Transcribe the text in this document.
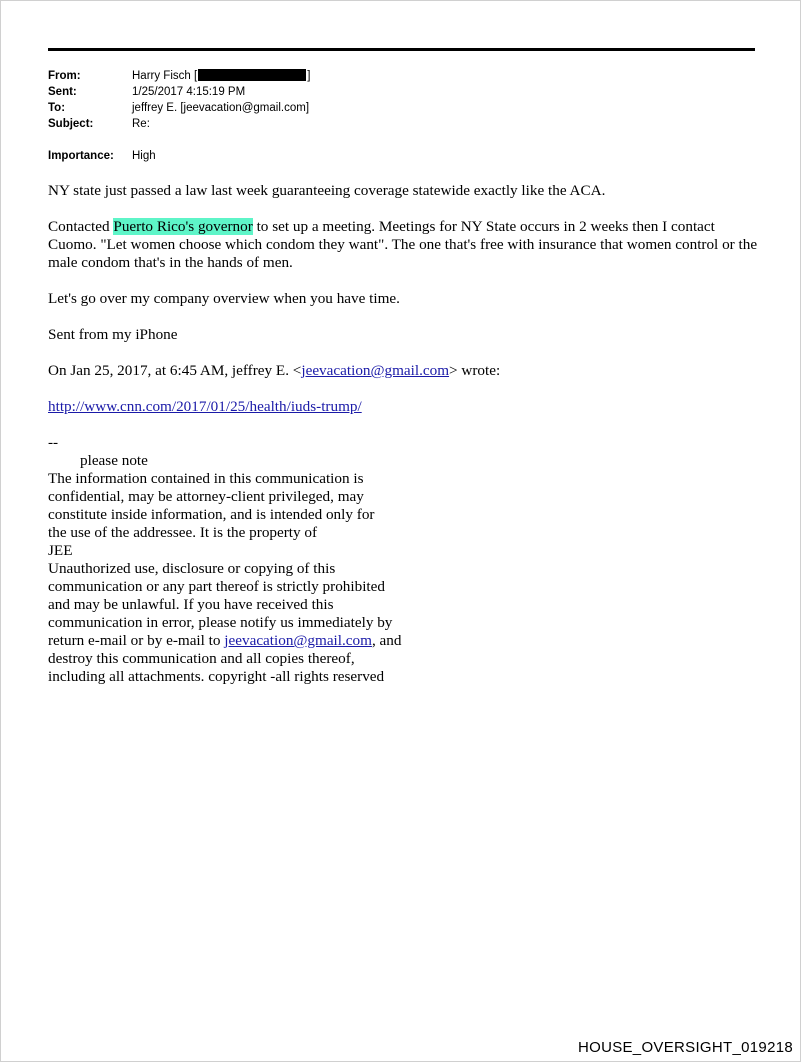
From:	Harry Fisch [	]
Sent:	1/25/2017 4:15:19 PM
To:	jeffrey E. [jeevacation@gmail.com]
Subject:	Re:
Importance:	High

NY state just passed a law last week guaranteeing coverage statewide exactly like the ACA.

Contacted Puerto Rico's governor to set up a meeting. Meetings for NY State occurs in 2 weeks then I contact Cuomo. "Let women choose which condom they want". The one that's free with insurance that women control or the male condom that's in the hands of men.

Let's go over my company overview when you have time.

Sent from my iPhone

On Jan 25, 2017, at 6:45 AM, jeffrey E. <jeevacation@gmail.com> wrote:

http://www.cnn.com/2017/01/25/health/iuds-trump/

--
please note
The information contained in this communication is
confidential, may be attorney-client privileged, may
constitute inside information, and is intended only for
the use of the addressee. It is the property of
JEE
Unauthorized use, disclosure or copying of this
communication or any part thereof is strictly prohibited
and may be unlawful. If you have received this
communication in error, please notify us immediately by
return e-mail or by e-mail to jeevacation@gmail.com, and
destroy this communication and all copies thereof,
including all attachments. copyright -all rights reserved
HOUSE_OVERSIGHT_019218
